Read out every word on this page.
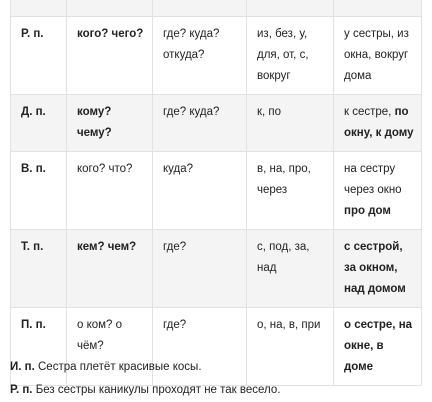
Р. п.	кого? чего?	где? куда? откуда?	из, без, у, для, от, с, вокруг	у сестры, из окна, вокруг дома
Д. п.	кому? чему?	где? куда?	к, по	к сестре, по окну, к дому
В. п.	кого? что?	куда?	в, на, про, через	на сестру через окно про дом
Т. п.	кем? чем?	где?	с, под, за, над	с сестрой, за окном, над домом
П. п.	о ком? о чём?	где?	о, на, в, при	о сестре, на окне, в доме
И. п. Сестра плетёт красивые косы.
Р. п. Без сестры каникулы проходят не так весело.
